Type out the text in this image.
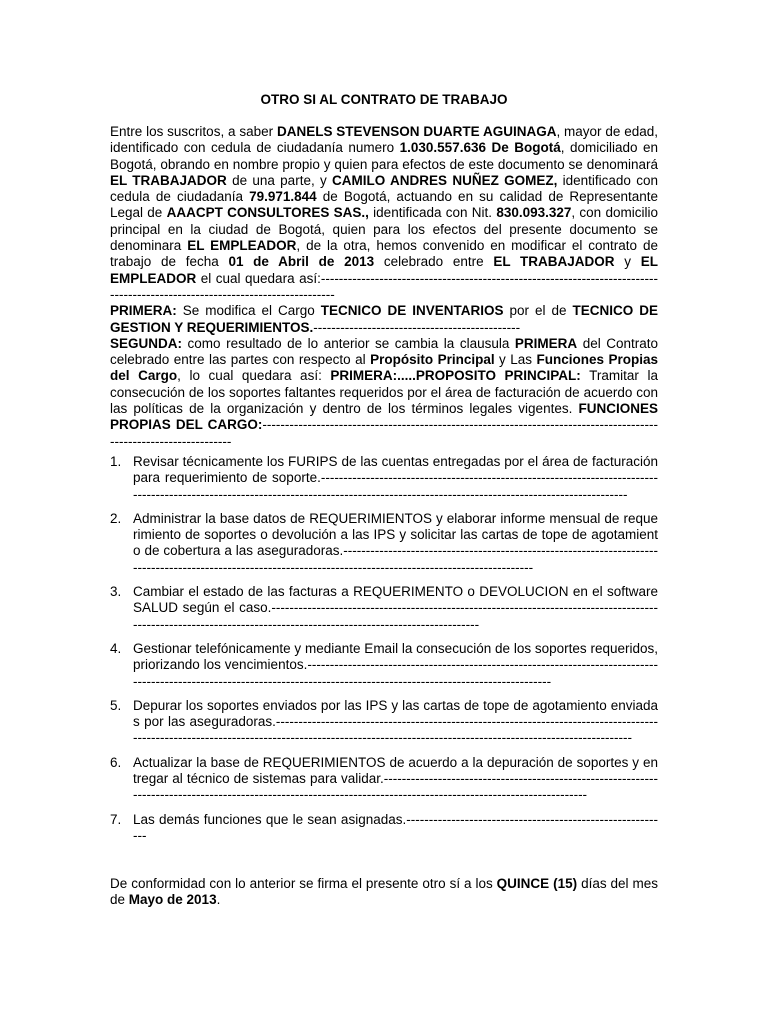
OTRO SI AL CONTRATO DE TRABAJO

Entre los suscritos, a saber DANELS STEVENSON DUARTE AGUINAGA, mayor de edad, identificado con cedula de ciudadanía numero 1.030.557.636 De Bogotá, domiciliado en Bogotá, obrando en nombre propio y quien para efectos de este documento se denominará EL TRABAJADOR de una parte, y CAMILO ANDRES NUÑEZ GOMEZ, identificado con cedula de ciudadanía 79.971.844 de Bogotá, actuando en su calidad de Representante Legal de AAACPT CONSULTORES SAS., identificada con Nit. 830.093.327, con domicilio principal en la ciudad de Bogotá, quien para los efectos del presente documento se denominara EL EMPLEADOR, de la otra, hemos convenido en modificar el contrato de trabajo de fecha 01 de Abril de 2013 celebrado entre EL TRABAJADOR y EL EMPLEADOR el cual quedara así:-----------------------------------------------------------------------------------------------------------------------------

PRIMERA: Se modifica el Cargo TECNICO DE INVENTARIOS por el de TECNICO DE GESTION Y REQUERIMIENTOS.----------------------------------------------

SEGUNDA: como resultado de lo anterior se cambia la clausula PRIMERA del Contrato celebrado entre las partes con respecto al Propósito Principal y Las Funciones Propias del Cargo, lo cual quedara así: PRIMERA:.....PROPOSITO PRINCIPAL: Tramitar la consecución de los soportes faltantes requeridos por el área de facturación de acuerdo con las políticas de la organización y dentro de los términos legales vigentes. FUNCIONES PROPIAS DEL CARGO:-------------------------------------------------------------------------------------------------------------------

1. Revisar técnicamente los FURIPS de las cuentas entregadas por el área de facturación para requerimiento de soporte.-----------------------------------------------------------------------------------------------------------------------------------------------------------------------------------------
2. Administrar la base datos de REQUERIMIENTOS y elaborar informe mensual de requerimiento de soportes o devolución a las IPS y solicitar las cartas de tope de agotamiento de cobertura a las aseguradoras.---------------------------------------------------------------------------------------------------------------------------------------------------------------
3. Cambiar el estado de las facturas a REQUERIMENTO o DEVOLUCION en el software SALUD según el caso.-------------------------------------------------------------------------------------------------------------------------------------------------------------------
4. Gestionar telefónicamente y mediante Email la consecución de los soportes requeridos, priorizando los vencimientos.---------------------------------------------------------------------------------------------------------------------------------------------------------------------------
5. Depurar los soportes enviados por las IPS y las cartas de tope de agotamiento enviadas por las aseguradoras.----------------------------------------------------------------------------------------------------------------------------------------------------------------------------------------------------
6. Actualizar la base de REQUERIMIENTOS de acuerdo a la depuración de soportes y entregar al técnico de sistemas para validar.------------------------------------------------------------------------------------------------------------------------------------------------------------------
7. Las demás funciones que le sean asignadas.-----------------------------------------------------------

De conformidad con lo anterior se firma el presente otro sí a los QUINCE (15) días del mes de Mayo de 2013.
